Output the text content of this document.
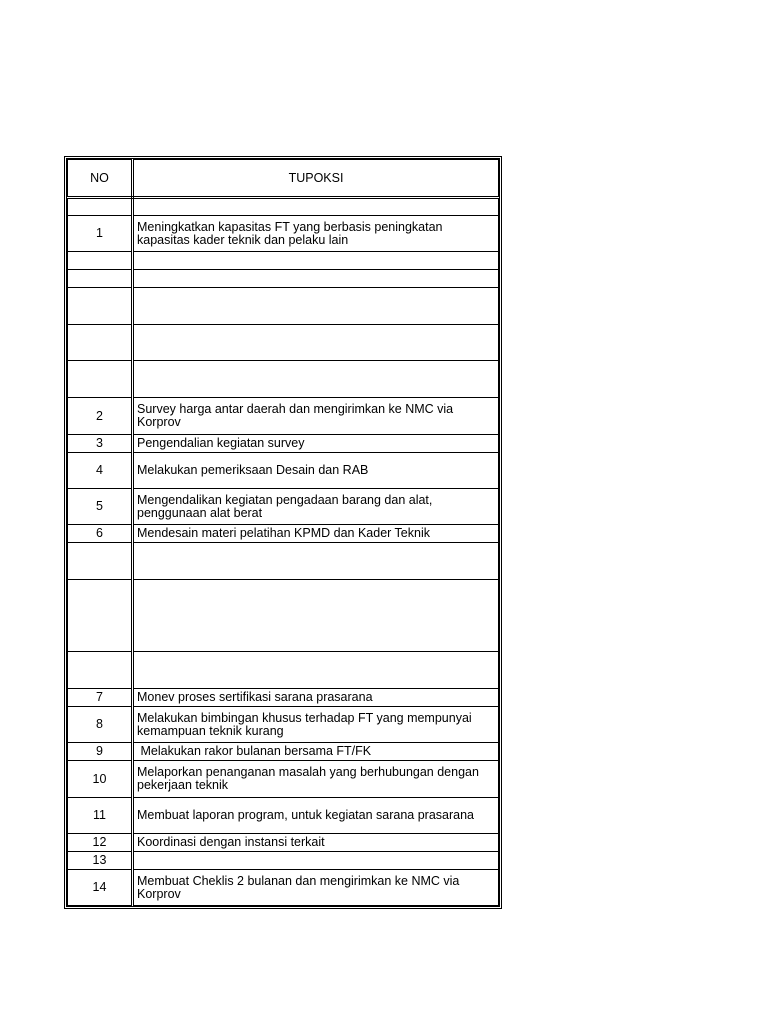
NO	TUPOKSI

1	Meningkatkan kapasitas FT yang berbasis peningkatan kapasitas kader teknik dan pelaku lain

2	Survey harga antar daerah dan mengirimkan ke NMC via Korprov
3	Pengendalian kegiatan survey
4	Melakukan pemeriksaan Desain dan RAB
5	Mengendalikan kegiatan pengadaan barang dan alat, penggunaan alat berat
6	Mendesain materi pelatihan KPMD dan Kader Teknik

7	Monev proses sertifikasi sarana prasarana
8	Melakukan bimbingan khusus terhadap FT yang mempunyai kemampuan teknik kurang
9	Melakukan rakor bulanan bersama FT/FK
10	Melaporkan penanganan masalah yang berhubungan dengan pekerjaan teknik
11	Membuat laporan program, untuk kegiatan sarana prasarana
12	Koordinasi dengan instansi terkait
13	
14	Membuat Cheklis 2 bulanan dan mengirimkan ke NMC via Korprov
